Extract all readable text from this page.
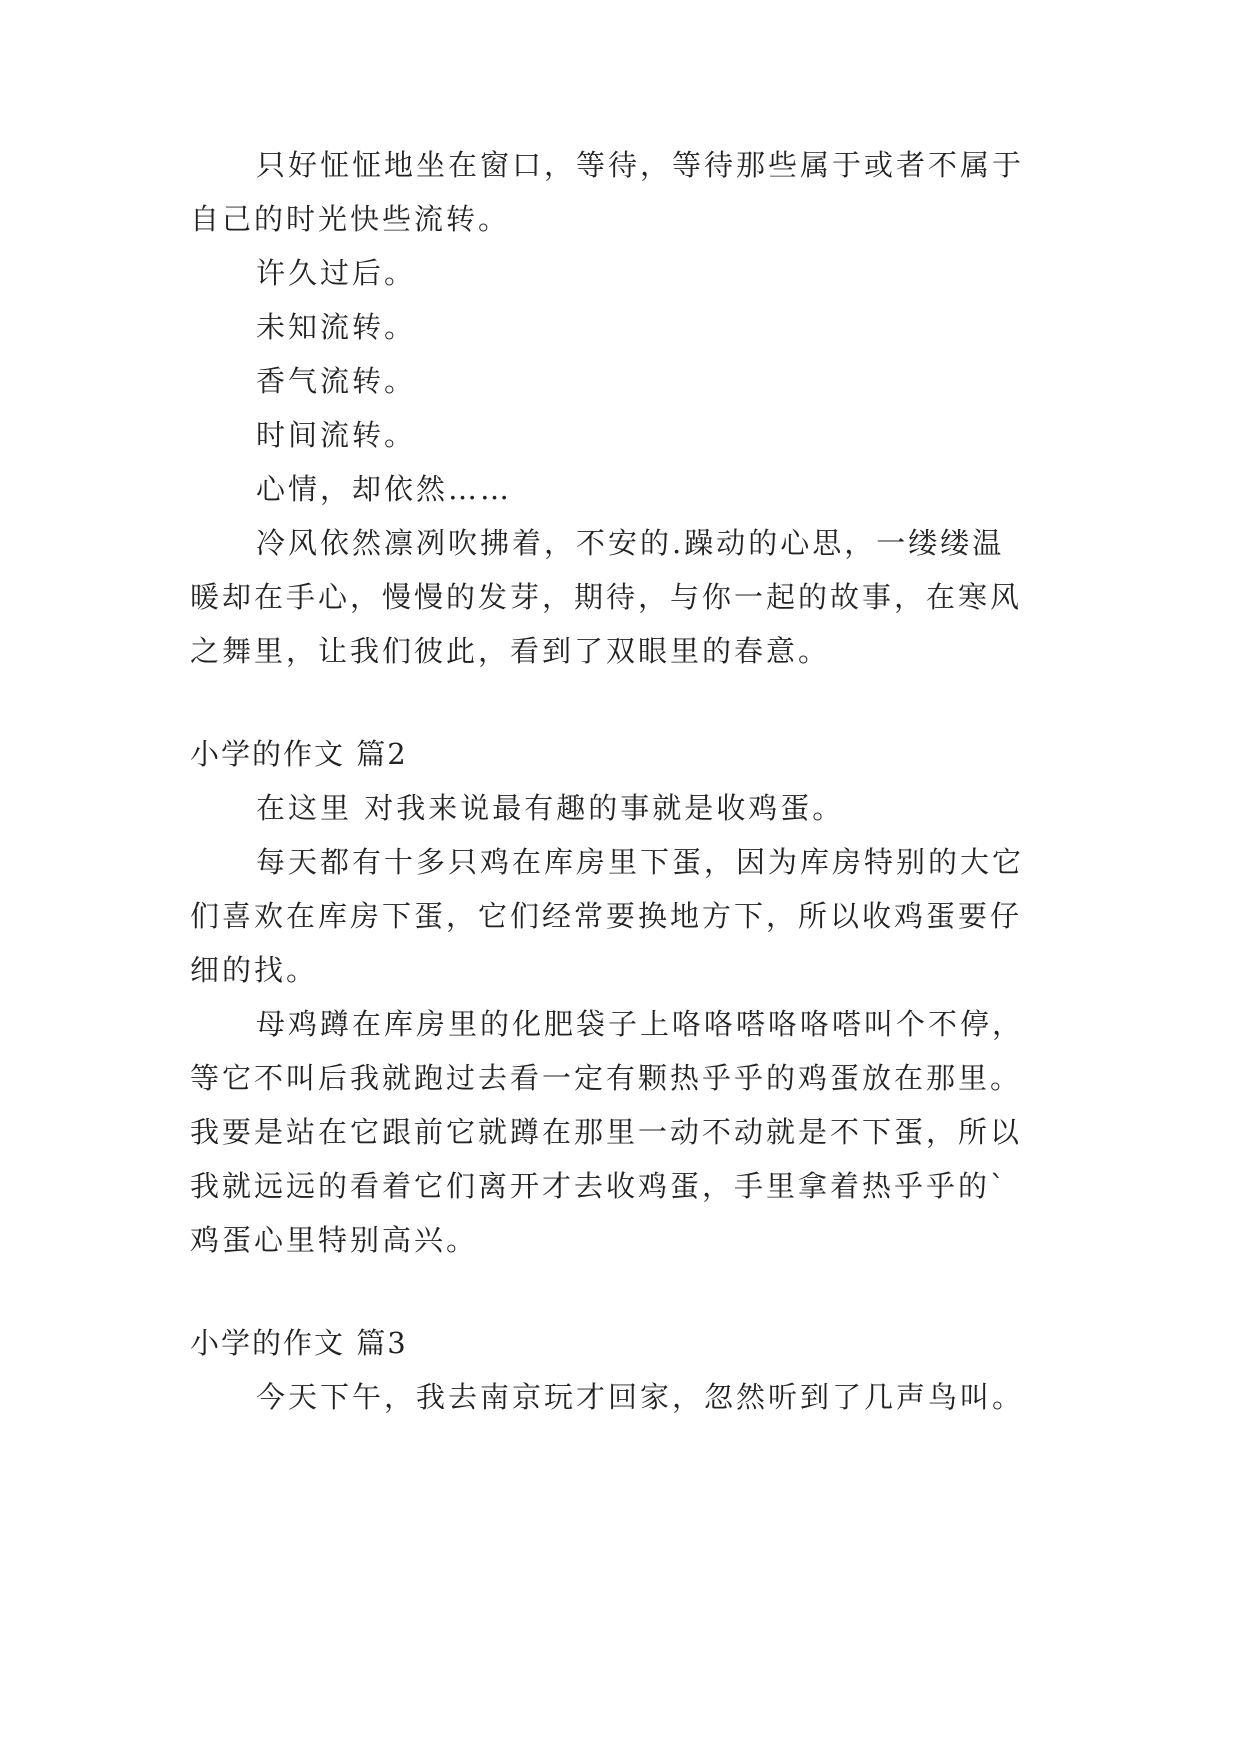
只好怔怔地坐在窗口，等待，等待那些属于或者不属于
自己的时光快些流转。
许久过后。
未知流转。
香气流转。
时间流转。
心情，却依然……
冷风依然凛冽吹拂着，不安的.躁动的心思，一缕缕温
暖却在手心，慢慢的发芽，期待，与你一起的故事，在寒风
之舞里，让我们彼此，看到了双眼里的春意。
小学的作文 篇2
在这里 对我来说最有趣的事就是收鸡蛋。
每天都有十多只鸡在库房里下蛋，因为库房特别的大它
们喜欢在库房下蛋，它们经常要换地方下，所以收鸡蛋要仔
细的找。
母鸡蹲在库房里的化肥袋子上咯咯嗒咯咯嗒叫个不停，
等它不叫后我就跑过去看一定有颗热乎乎的鸡蛋放在那里。
我要是站在它跟前它就蹲在那里一动不动就是不下蛋，所以
我就远远的看着它们离开才去收鸡蛋，手里拿着热乎乎的`
鸡蛋心里特别高兴。
小学的作文 篇3
今天下午，我去南京玩才回家，忽然听到了几声鸟叫。
